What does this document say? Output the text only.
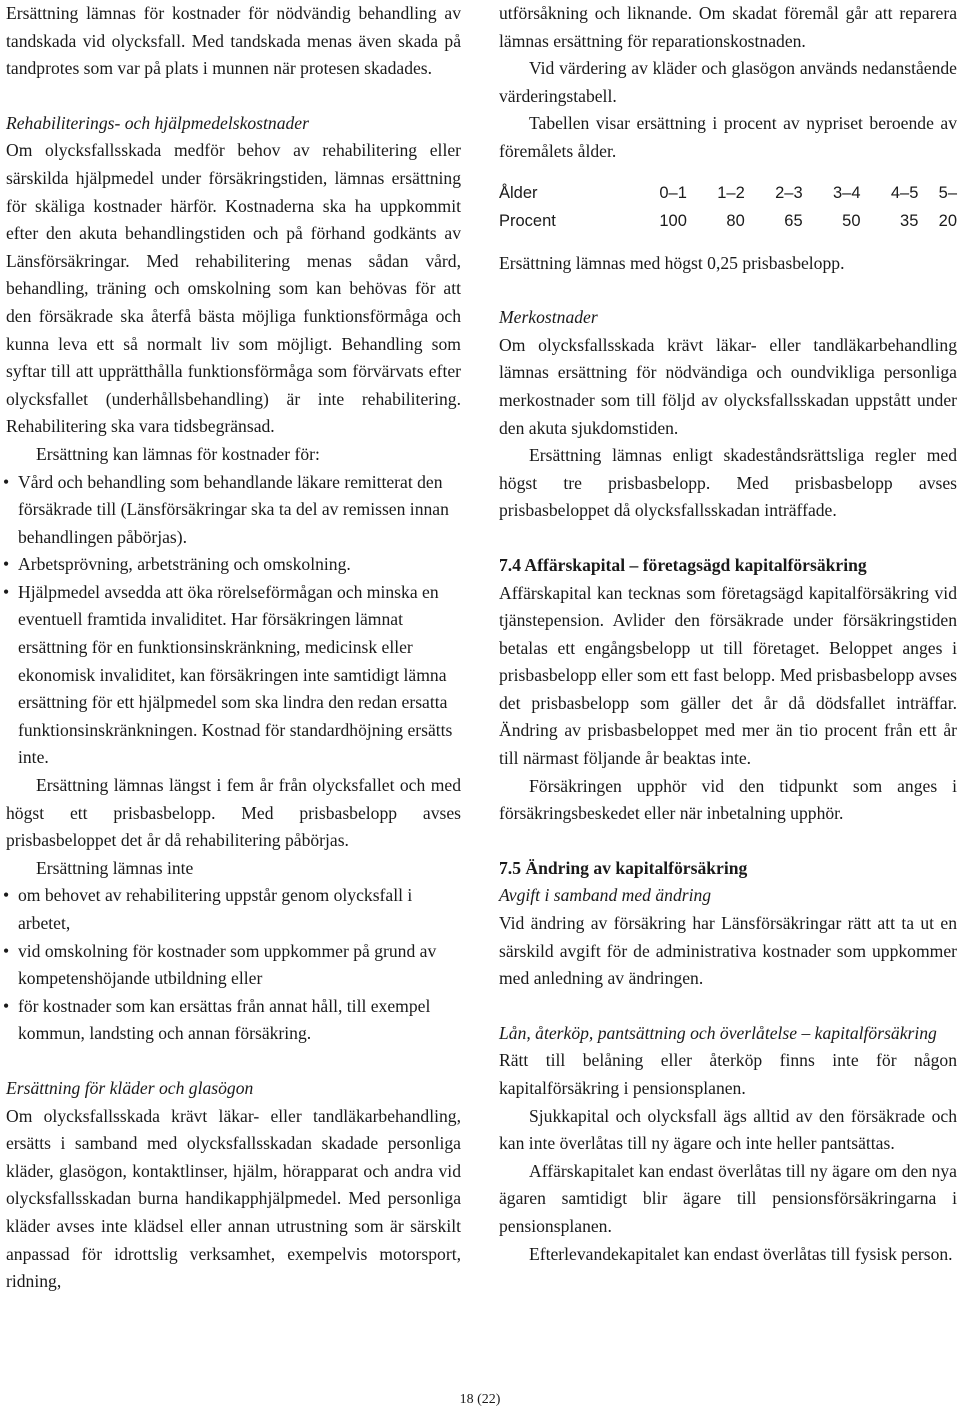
Ersättning lämnas för kostnader för nödvändig behandling av tandskada vid olycksfall. Med tandskada menas även skada på tandprotes som var på plats i munnen när protesen skadades.

Rehabiliterings- och hjälpmedelskostnader

Om olycksfallsskada medför behov av rehabilitering eller särskilda hjälpmedel under försäkringstiden, lämnas ersättning för skäliga kostnader härför. Kostnaderna ska ha uppkommit efter den akuta behandlingstiden och på förhand godkänts av Länsförsäkringar. Med rehabilitering menas sådan vård, behandling, träning och omskolning som kan behövas för att den försäkrade ska återfå bästa möjliga funktionsförmåga och kunna leva ett så normalt liv som möjligt. Behandling som syftar till att upprätthålla funktionsförmåga som förvärvats efter olycksfallet (underhållsbehandling) är inte rehabilitering. Rehabilitering ska vara tidsbegränsad.

Ersättning kan lämnas för kostnader för:

• Vård och behandling som behandlande läkare remitterat den försäkrade till (Länsförsäkringar ska ta del av remissen innan behandlingen påbörjas).

• Arbetsprövning, arbetsträning och omskolning.

• Hjälpmedel avsedda att öka rörelseförmågan och minska en eventuell framtida invaliditet. Har försäkringen lämnat ersättning för en funktionsinskränkning, medicinsk eller ekonomisk invaliditet, kan försäkringen inte samtidigt lämna ersättning för ett hjälpmedel som ska lindra den redan ersatta funktionsinskränkningen. Kostnad för standardhöjning ersätts inte.

Ersättning lämnas längst i fem år från olycksfallet och med högst ett prisbasbelopp. Med prisbasbelopp avses prisbasbeloppet det år då rehabilitering påbörjas.

Ersättning lämnas inte

• om behovet av rehabilitering uppstår genom olycksfall i arbetet,

• vid omskolning för kostnader som uppkommer på grund av kompetenshöjande utbildning eller

• för kostnader som kan ersättas från annat håll, till exempel kommun, landsting och annan försäkring.

Ersättning för kläder och glasögon

Om olycksfallsskada krävt läkar- eller tandläkarbehandling, ersätts i samband med olycksfallsskadan skadade personliga kläder, glasögon, kontaktlinser, hjälm, hörapparat och andra vid olycksfallsskadan burna handikapphjälpmedel. Med personliga kläder avses inte klädsel eller annan utrustning som är särskilt anpassad för idrottslig verksamhet, exempelvis motorsport, ridning,

utförsåkning och liknande. Om skadat föremål går att reparera lämnas ersättning för reparationskostnaden.

Vid värdering av kläder och glasögon används nedanstående värderingstabell.

Tabellen visar ersättning i procent av nypriset beroende av föremålets ålder.

Ålder	0–1	1–2	2–3	3–4	4–5	5–
Procent	100	80	65	50	35	20

Ersättning lämnas med högst 0,25 prisbasbelopp.

Merkostnader

Om olycksfallsskada krävt läkar- eller tandläkarbehandling lämnas ersättning för nödvändiga och oundvikliga personliga merkostnader som till följd av olycksfallsskadan uppstått under den akuta sjukdomstiden.

Ersättning lämnas enligt skadeståndsrättsliga regler med högst tre prisbasbelopp. Med prisbasbelopp avses prisbasbeloppet då olycksfallsskadan inträffade.

7.4 Affärskapital – företagsägd kapitalförsäkring

Affärskapital kan tecknas som företagsägd kapitalförsäkring vid tjänstepension. Avlider den försäkrade under försäkringstiden betalas ett engångsbelopp ut till företaget. Beloppet anges i prisbasbelopp eller som ett fast belopp. Med prisbasbelopp avses det prisbasbelopp som gäller det år då dödsfallet inträffar. Ändring av prisbasbeloppet med mer än tio procent från ett år till närmast följande år beaktas inte.

Försäkringen upphör vid den tidpunkt som anges i försäkringsbeskedet eller när inbetalning upphör.

7.5 Ändring av kapitalförsäkring

Avgift i samband med ändring

Vid ändring av försäkring har Länsförsäkringar rätt att ta ut en särskild avgift för de administrativa kostnader som uppkommer med anledning av ändringen.

Lån, återköp, pantsättning och överlåtelse – kapitalförsäkring

Rätt till belåning eller återköp finns inte för någon kapitalförsäkring i pensionsplanen.

Sjukkapital och olycksfall ägs alltid av den försäkrade och kan inte överlåtas till ny ägare och inte heller pantsättas.

Affärskapitalet kan endast överlåtas till ny ägare om den nya ägaren samtidigt blir ägare till pensionsförsäkringarna i pensionsplanen.

Efterlevandekapitalet kan endast överlåtas till fysisk person.

18 (22)
